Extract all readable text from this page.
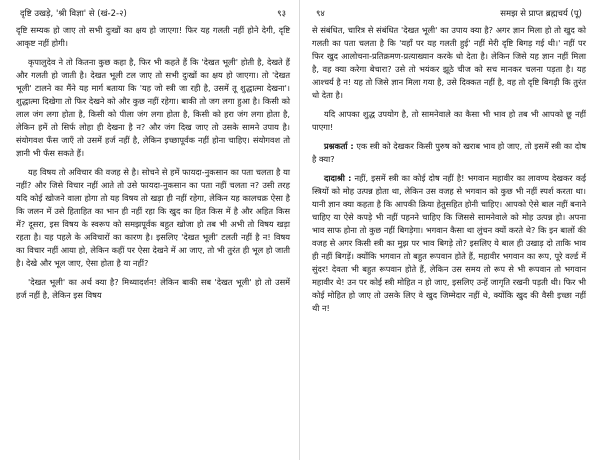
दृष्टि उखड़े, 'श्री विज्ञा' से (खं-2-२)	९३

दृष्टि सम्यक हो जाए तो सभी दुःखों का क्षय हो जाएगा! फिर यह गलती नहीं होने देगी, दृष्टि आकृष्ट नहीं होगी।

कृपालुदेव ने तो कितना कुछ कहा है, फिर भी कहते हैं कि 'देखत भूली' होती है, देखते हैं और गलती हो जाती है। देखत भूली टल जाए तो सभी दुःखों का क्षय हो जाएगा। तो 'देखत भूली' टालने का मैंने यह मार्ग बताया कि 'यह जो स्त्री जा रही है, उसमें तू शुद्धात्मा देखना'। शुद्धात्मा दिखेगा तो फिर देखने को और कुछ नहीं रहेगा। बाकी तो जग लगा हुआ है। किसी को लाल जंग लगा होता है, किसी को पीला जंग लगा होता है, किसी को हरा जंग लगा होता है, लेकिन हमें तो सिर्फ लोहा ही देखना है न? और जंग दिख जाए तो उसके सामने उपाय है। संयोगवश फँस जाएँ तो उसमें हर्ज नहीं है, लेकिन इच्छापूर्वक नहीं होना चाहिए। संयोगवश तो ज्ञानी भी फँस सकते हैं।

यह विषय तो अविचार की वजह से है। सोचने से हमें फायदा-नुकसान का पता चलता है या नहीं? और जिसे विचार नहीं आते तो उसे फायदा-नुकसान का पता नहीं चलता न? उसी तरह यदि कोई खोजने वाला होगा तो यह विषय तो खड़ा ही नहीं रहेगा, लेकिन यह कालचक्र ऐसा है कि जलन में उसे हिताहित का भान ही नहीं रहा कि खुद का हित किस में है और अहित किस में? दूसरा, इस विषय के स्वरूप को समझपूर्वक बहुत खोजा हो तब भी अभी तो विषय खड़ा रहता है। यह पहले के अविचारों का कारण है। इसलिए 'देखत भूली' टलती नहीं है न! विषय का विचार नहीं आया हो, लेकिन कहीं पर ऐसा देखने में आ जाए, तो भी तुरंत ही भूल हो जाती है। देखे और भूल जाए, ऐसा होता है या नहीं?

'देखत भूली' का अर्थ क्या है? मिथ्यादर्शन! लेकिन बाकी सब 'देखत भूली' हो तो उसमें हर्ज नहीं है, लेकिन इस विषय

९४	समझ से प्राप्त ब्रह्मचर्य (पू)

से संबंधित, चारित्र से संबंधित 'देखत भूली' का उपाय क्या है? अगर ज्ञान मिला हो तो खुद को गलती का पता चलता है कि 'यहाँ पर यह गलती हुई' नहीं मेरी दृष्टि बिगड़ गई थी।' नहीं पर फिर खुद आलोचना-प्रतिक्रमण-प्रत्याख्यान करके धो देता है। लेकिन जिसे यह ज्ञान नहीं मिला है, वह क्या करेगा बेचारा? उसे तो भयंकर झूठे चीज को सच मानकर चलना पड़ता है। यह आश्चर्य है न! यह तो जिसे ज्ञान मिला गया है, उसे दिक्कत नहीं है, वह तो दृष्टि बिगड़ी कि तुरंत धो देता है।

यदि आपका शुद्ध उपयोग है, तो सामनेवाले का कैसा भी भाव हो तब भी आपको छू नहीं पाएगा!

प्रश्नकर्ता : एक स्त्री को देखकर किसी पुरुष को खराब भाव हो जाए, तो इसमें स्त्री का दोष है क्या?

दादाश्री : नहीं, इसमें स्त्री का कोई दोष नहीं है! भगवान महावीर का लावण्य देखकर कई स्त्रियों को मोह उत्पन्न होता था, लेकिन उस वजह से भगवान को कुछ भी नहीं स्पर्श करता था। यानी ज्ञान क्या कहता है कि आपकी क्रिया हेतुसहित होनी चाहिए। आपको ऐसे बाल नहीं बनाने चाहिए या ऐसे कपड़े भी नहीं पहनने चाहिए कि जिससे सामनेवाले को मोह उत्पन्न हो। अपना भाव साफ होना तो कुछ नहीं बिगड़ेगा। भगवान कैसा था लुंचन क्यों करते थे? कि इन बालों की वजह से अगर किसी स्त्री का मुझ पर भाव बिगड़े तो? इसलिए ये बाल ही उखाड़ दो ताकि भाव ही नहीं बिगड़ें। क्योंकि भगवान तो बहुत रूपवान होते हैं, महावीर भगवान का रूप, पूरे वर्ल्ड में सुंदर! देवता भी बहुत रूपवान होते हैं, लेकिन उस समय तो रूप से भी रूपवान तो भगवान महावीर थे! उन पर कोई स्त्री मोहित न हो जाए, इसलिए उन्हें जागृति रखनी पड़ती थी। फिर भी कोई मोहित हो जाए तो उसके लिए वे खुद जिम्मेदार नहीं थे, क्योंकि खुद की वैसी इच्छा नहीं थी न!
